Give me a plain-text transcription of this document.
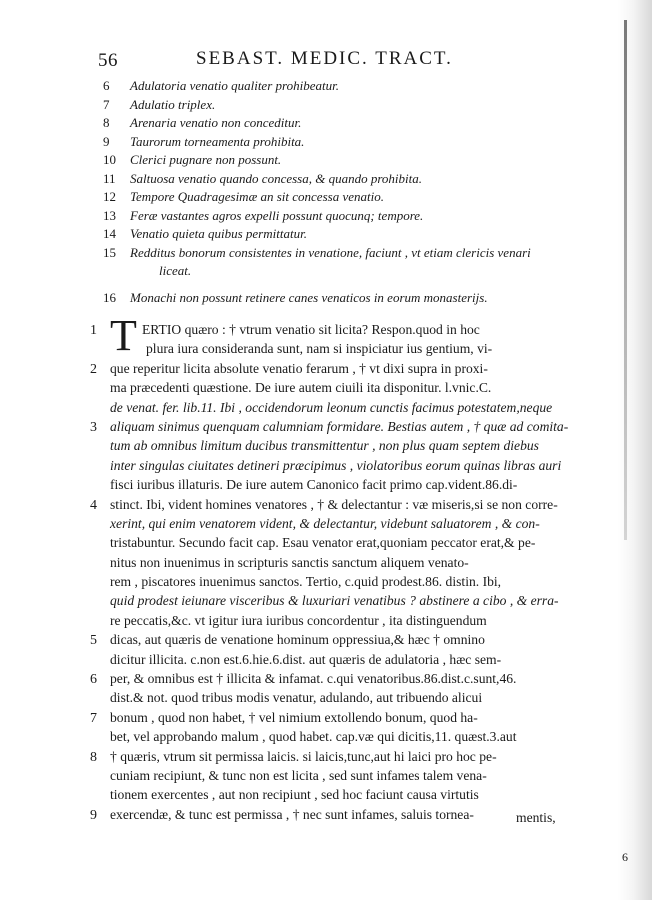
56	SEBAST. MEDIC. TRACT.
6	Adulatoria venatio qualiter prohibeatur.
7	Adulatio triplex.
8	Arenaria venatio non conceditur.
9	Taurorum torneamenta prohibita.
10	Clerici pugnare non possunt.
11	Saltuosa venatio quando concessa, & quando prohibita.
12	Tempore Quadragesimæ an sit concessa venatio.
13	Feræ vastantes agros expelli possunt quocunq; tempore.
14	Venatio quieta quibus permittatur.
15	Redditus bonorum consistentes in venatione, faciunt , vt etiam clericis venari
liceat.
16	Monachi non possunt retinere canes venaticos in eorum monasterijs.
1 T ERTIO quæro : † vtrum venatio sit licita? Respon.quod in hoc
plura iura consideranda sunt, nam si inspiciatur ius gentium, vi-
2 que reperitur licita absolute venatio ferarum , † vt dixi supra in proxi-
ma præcedenti quæstione. De iure autem ciuili ita disponitur. l.vnic.C.
de venat. fer. lib.11. Ibi , occidendorum leonum cunctis facimus potestatem,neque
3 aliquam sinimus quenquam calumniam formidare. Bestias autem , † quæ ad comita-
tum ab omnibus limitum ducibus transmittentur , non plus quam septem diebus
inter singulas ciuitates detineri præcipimus , violatoribus eorum quinas libras auri
fisci iuribus illaturis. De iure autem Canonico facit primo cap.vident.86.di-
4 stinct. Ibi, vident homines venatores , † & delectantur : væ miseris,si se non corre-
xerint, qui enim venatorem vident, & delectantur, videbunt saluatorem , & con-
tristabuntur. Secundo facit cap. Esau venator erat,quoniam peccator erat,& pe-
nitus non inuenimus in scripturis sanctis sanctum aliquem venato-
rem , piscatores inuenimus sanctos. Tertio, c.quid prodest.86. distin. Ibi,
quid prodest ieiunare visceribus & luxuriari venatibus ? abstinere a cibo , & erra-
re peccatis,&c. vt igitur iura iuribus concordentur , ita distinguendum
5 dicas, aut quæris de venatione hominum oppressiua,& hæc † omnino
dicitur illicita. c.non est.6.hie.6.dist. aut quæris de adulatoria , hæc sem-
6 per, & omnibus est † illicita & infamat. c.qui venatoribus.86.dist.c.sunt,46.
dist.& not. quod tribus modis venatur, adulando, aut tribuendo alicui
7 bonum , quod non habet, † vel nimium extollendo bonum, quod ha-
bet, vel approbando malum , quod habet. cap.væ qui dicitis,11. quæst.3.aut
8 † quæris, vtrum sit permissa laicis. si laicis,tunc,aut hi laici pro hoc pe-
cuniam recipiunt, & tunc non est licita , sed sunt infames talem vena-
tionem exercentes , aut non recipiunt , sed hoc faciunt causa virtutis
9 exercendæ, & tunc est permissa , † nec sunt infames, saluis tornea-	mentis,
6
